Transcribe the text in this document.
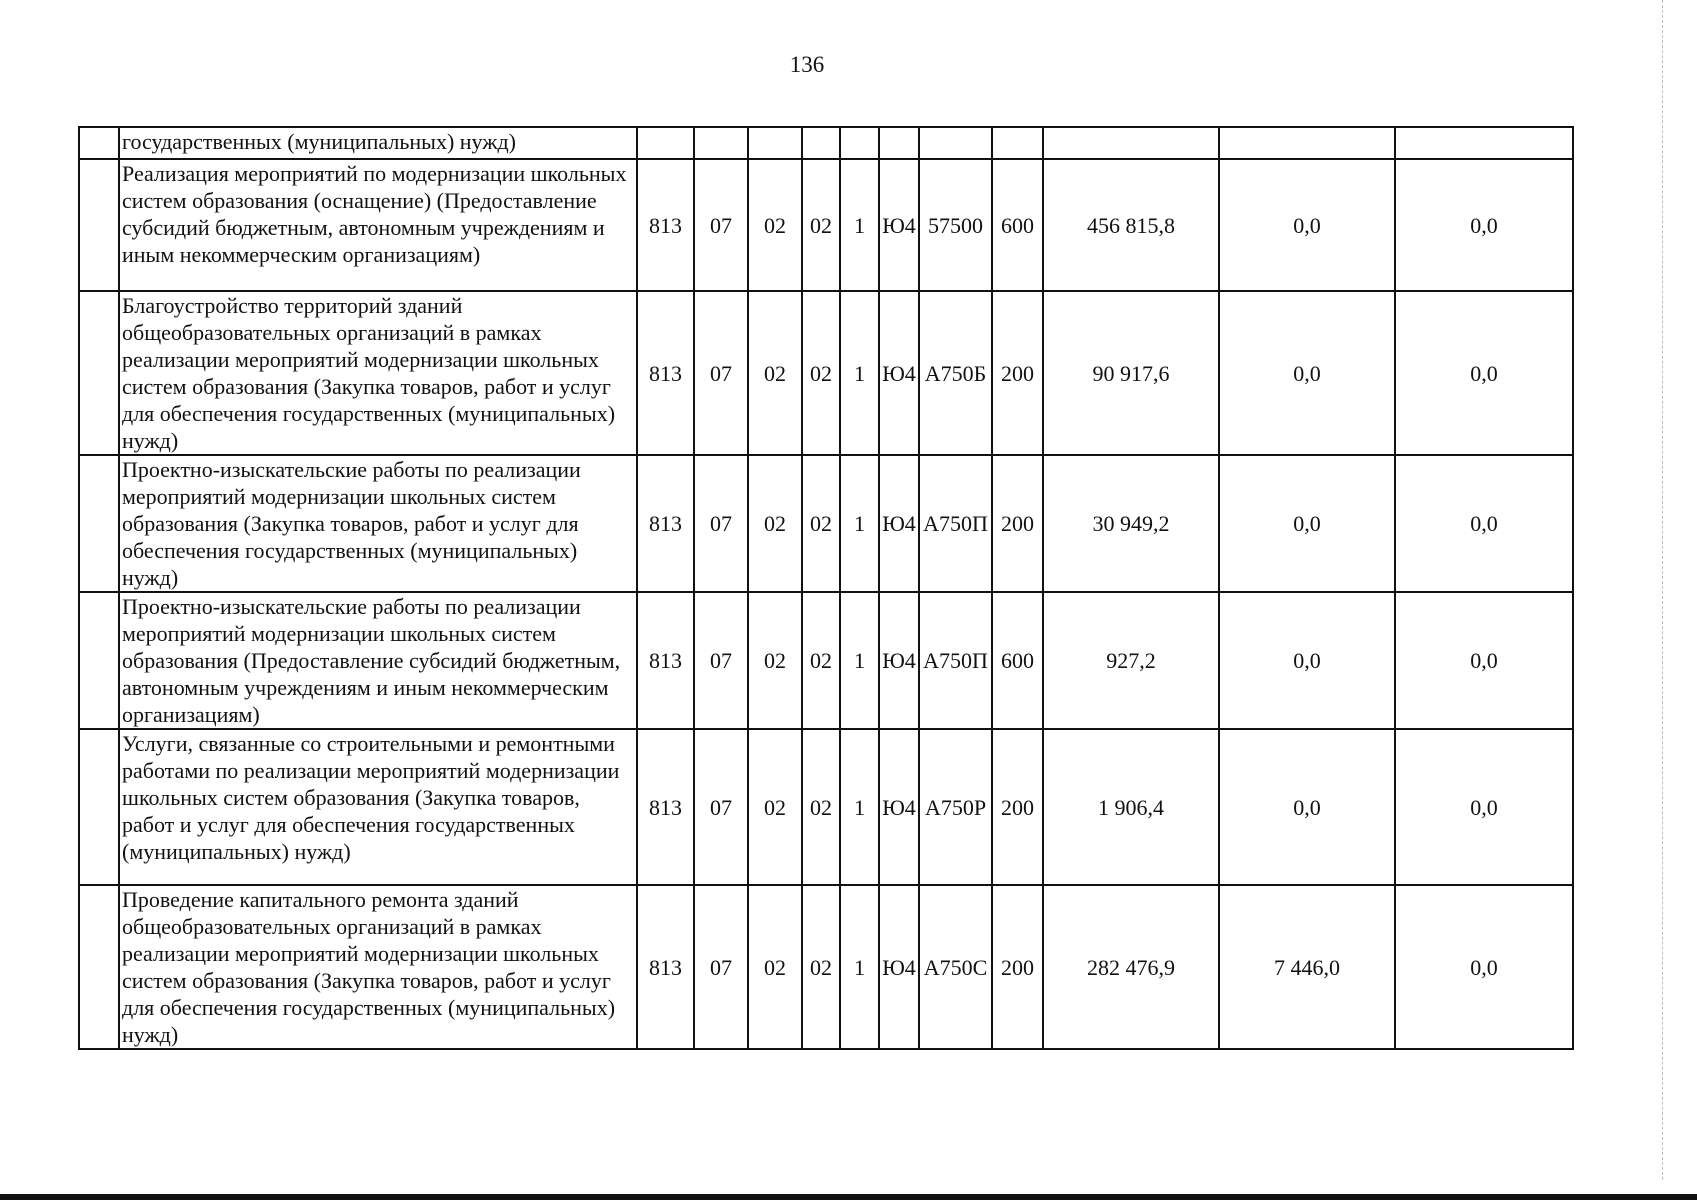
136
	государственных (муниципальных) нужд)											
	Реализация мероприятий по модернизации школьных систем образования (оснащение) (Предоставление субсидий бюджетным, автономным учреждениям и иным некоммерческим организациям)	813	07	02	02	1	Ю4	57500	600	456 815,8	0,0	0,0
	Благоустройство территорий зданий общеобразовательных организаций в рамках реализации мероприятий модернизации школьных систем образования (Закупка товаров, работ и услуг для обеспечения государственных (муниципальных) нужд)	813	07	02	02	1	Ю4	А750Б	200	90 917,6	0,0	0,0
	Проектно-изыскательские работы по реализации мероприятий модернизации школьных систем образования (Закупка товаров, работ и услуг для обеспечения государственных (муниципальных) нужд)	813	07	02	02	1	Ю4	А750П	200	30 949,2	0,0	0,0
	Проектно-изыскательские работы по реализации мероприятий модернизации школьных систем образования (Предоставление субсидий бюджетным, автономным учреждениям и иным некоммерческим организациям)	813	07	02	02	1	Ю4	А750П	600	927,2	0,0	0,0
	Услуги, связанные со строительными и ремонтными работами по реализации мероприятий модернизации школьных систем образования (Закупка товаров, работ и услуг для обеспечения государственных (муниципальных) нужд)	813	07	02	02	1	Ю4	А750Р	200	1 906,4	0,0	0,0
	Проведение капитального ремонта зданий общеобразовательных организаций в рамках реализации мероприятий модернизации школьных систем образования (Закупка товаров, работ и услуг для обеспечения государственных (муниципальных) нужд)	813	07	02	02	1	Ю4	А750С	200	282 476,9	7 446,0	0,0
